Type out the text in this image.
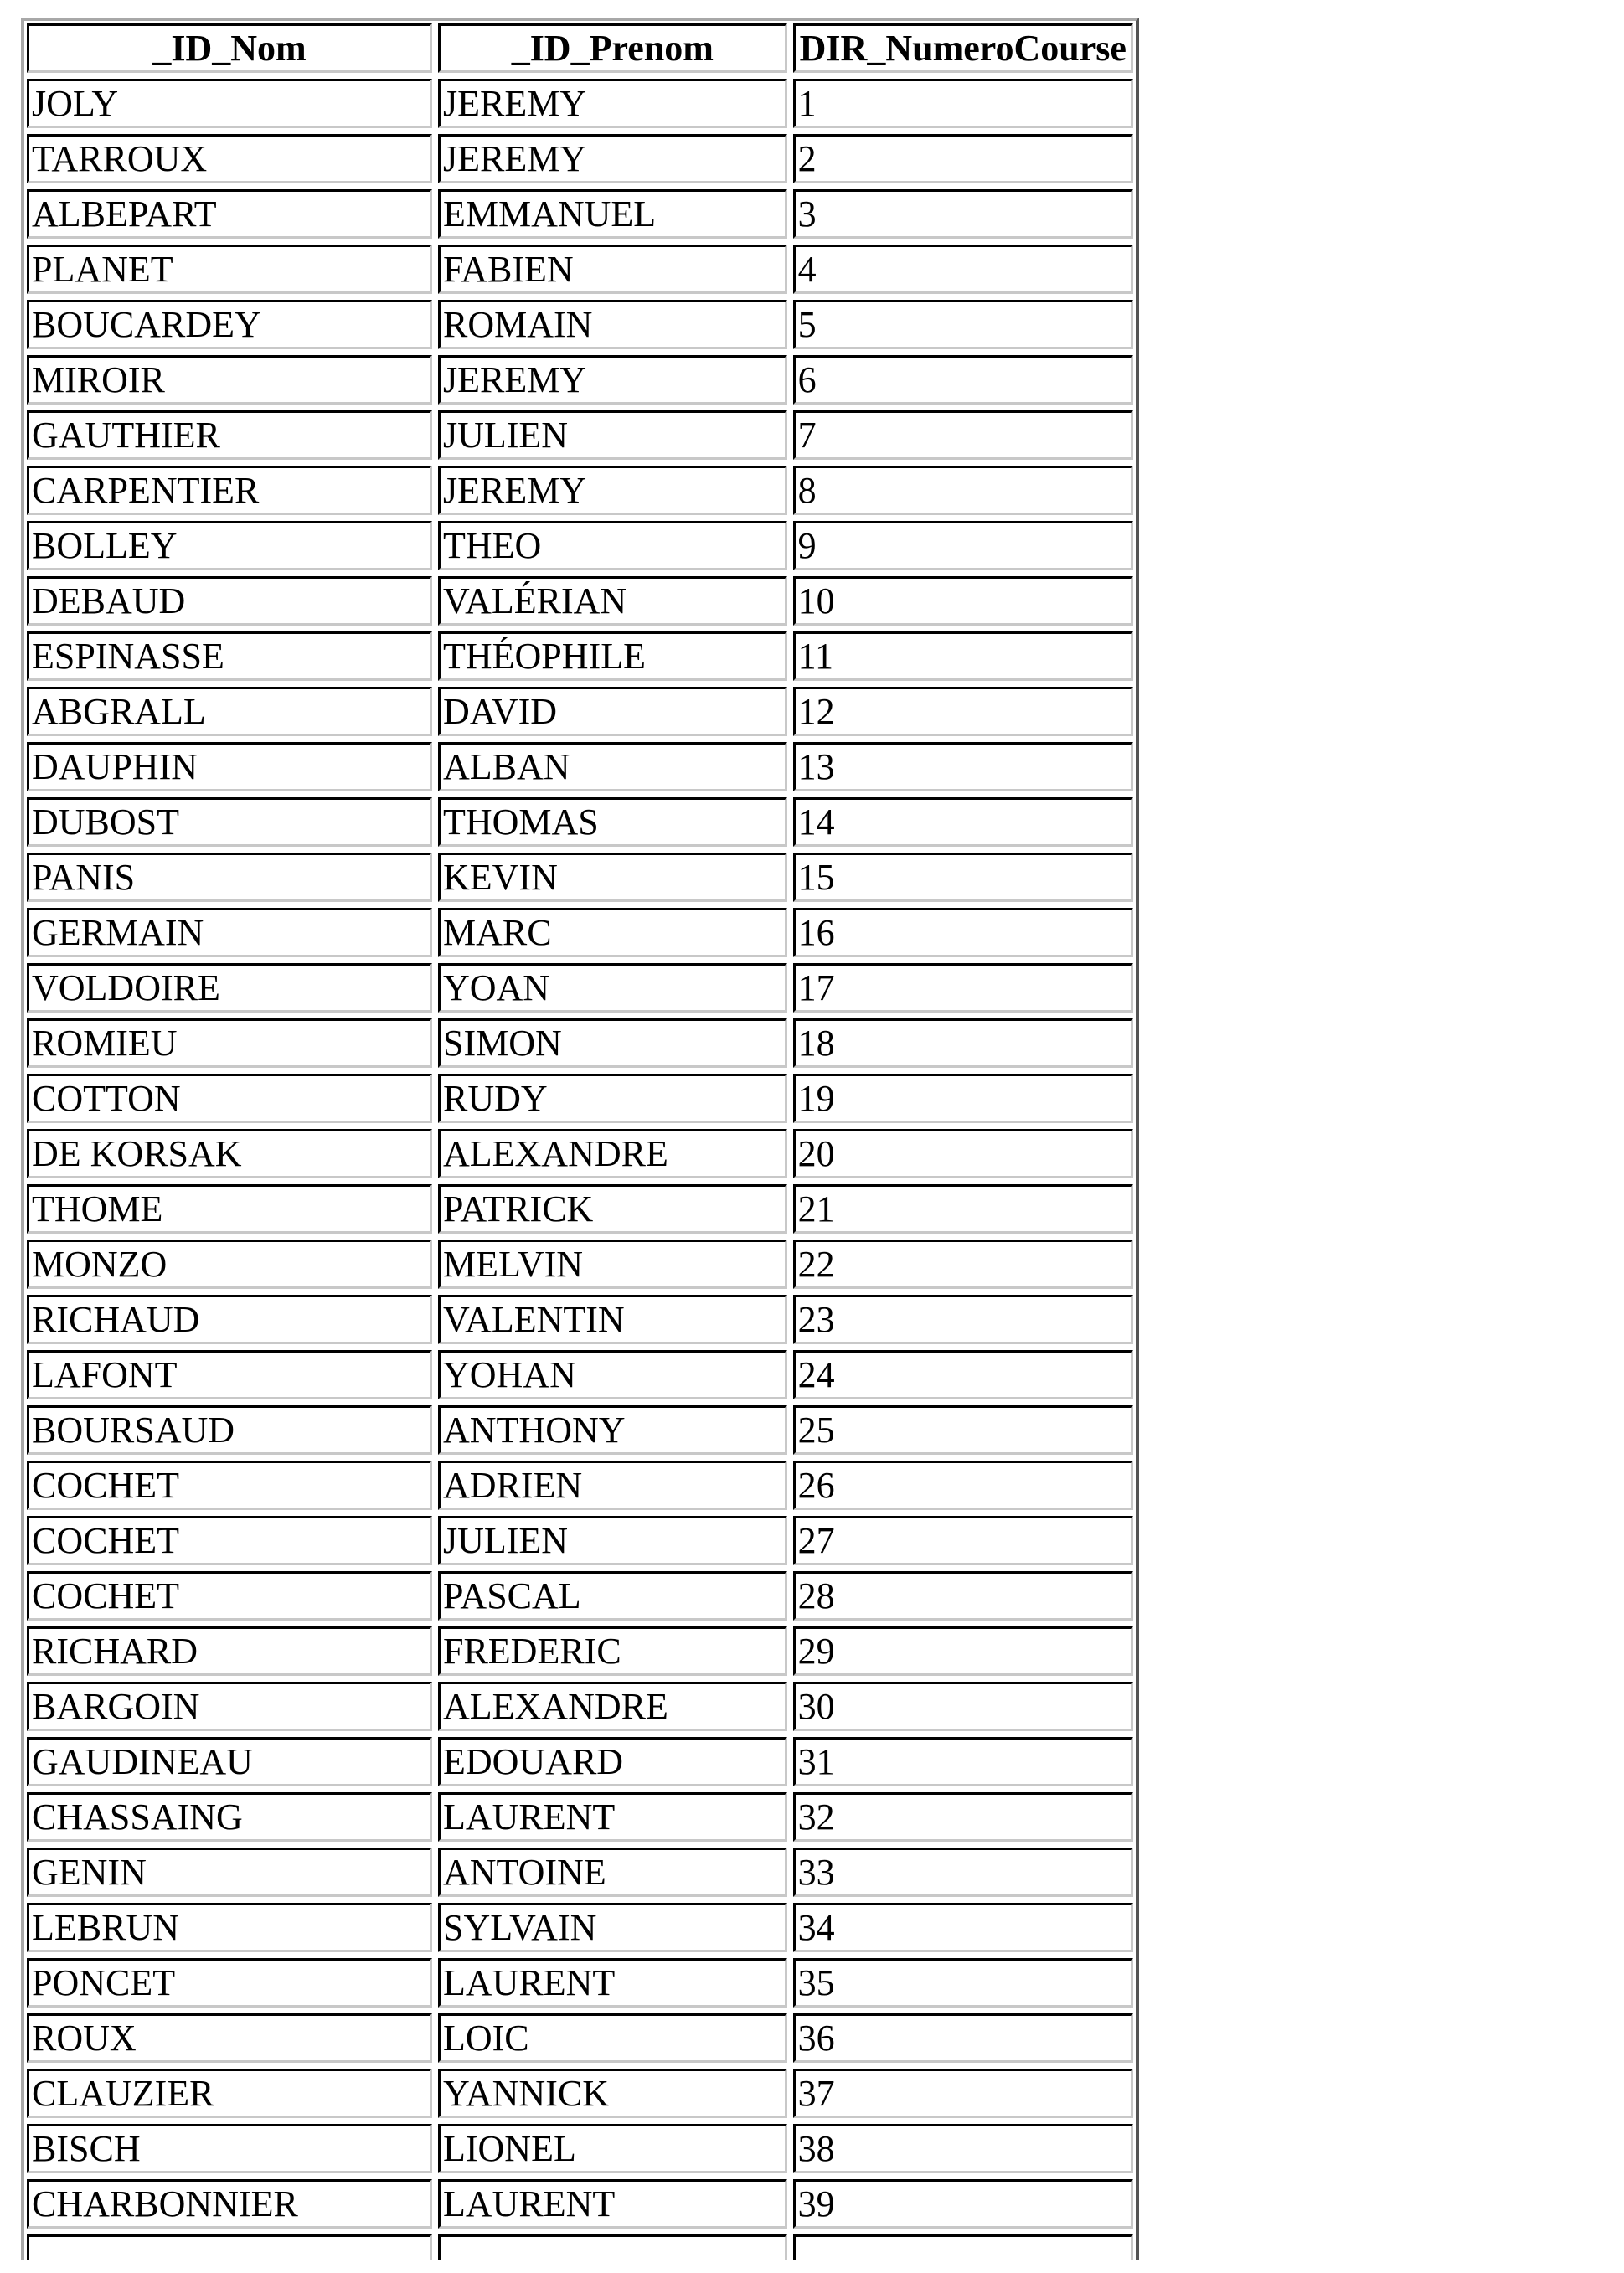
_ID_Nom	_ID_Prenom	DIR_NumeroCourse
JOLY	JEREMY	1
TARROUX	JEREMY	2
ALBEPART	EMMANUEL	3
PLANET	FABIEN	4
BOUCARDEY	ROMAIN	5
MIROIR	JEREMY	6
GAUTHIER	JULIEN	7
CARPENTIER	JEREMY	8
BOLLEY	THEO	9
DEBAUD	VALÉRIAN	10
ESPINASSE	THÉOPHILE	11
ABGRALL	DAVID	12
DAUPHIN	ALBAN	13
DUBOST	THOMAS	14
PANIS	KEVIN	15
GERMAIN	MARC	16
VOLDOIRE	YOAN	17
ROMIEU	SIMON	18
COTTON	RUDY	19
DE KORSAK	ALEXANDRE	20
THOME	PATRICK	21
MONZO	MELVIN	22
RICHAUD	VALENTIN	23
LAFONT	YOHAN	24
BOURSAUD	ANTHONY	25
COCHET	ADRIEN	26
COCHET	JULIEN	27
COCHET	PASCAL	28
RICHARD	FREDERIC	29
BARGOIN	ALEXANDRE	30
GAUDINEAU	EDOUARD	31
CHASSAING	LAURENT	32
GENIN	ANTOINE	33
LEBRUN	SYLVAIN	34
PONCET	LAURENT	35
ROUX	LOIC	36
CLAUZIER	YANNICK	37
BISCH	LIONEL	38
CHARBONNIER	LAURENT	39
